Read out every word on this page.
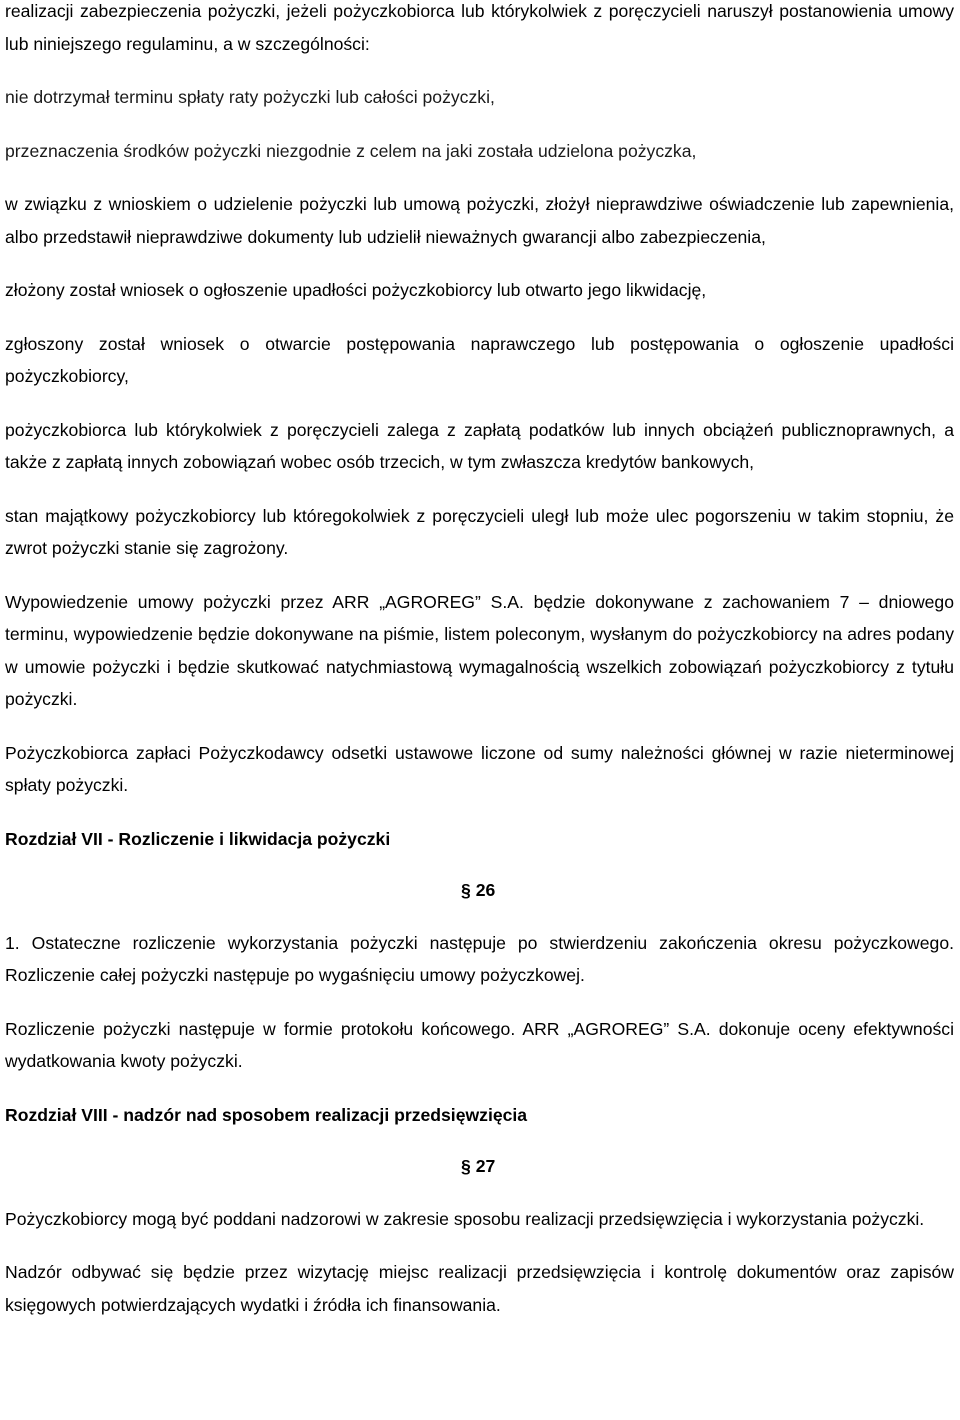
realizacji zabezpieczenia pożyczki, jeżeli pożyczkobiorca lub którykolwiek z poręczycieli naruszył postanowienia umowy lub niniejszego regulaminu, a w szczególności:

nie dotrzymał terminu spłaty raty pożyczki lub całości pożyczki,

przeznaczenia środków pożyczki niezgodnie z celem na jaki została udzielona pożyczka,

w związku z wnioskiem o udzielenie pożyczki lub umową pożyczki, złożył nieprawdziwe oświadczenie lub zapewnienia, albo przedstawił nieprawdziwe dokumenty lub udzielił nieważnych gwarancji albo zabezpieczenia,

złożony został wniosek o ogłoszenie upadłości pożyczkobiorcy lub otwarto jego likwidację,

zgłoszony został wniosek o otwarcie postępowania naprawczego lub postępowania o ogłoszenie upadłości pożyczkobiorcy,

pożyczkobiorca lub którykolwiek z poręczycieli zalega z zapłatą podatków lub innych obciążeń publicznoprawnych, a także z zapłatą innych zobowiązań wobec osób trzecich, w tym zwłaszcza kredytów bankowych,

stan majątkowy pożyczkobiorcy lub któregokolwiek z poręczycieli uległ lub może ulec pogorszeniu w takim stopniu, że zwrot pożyczki stanie się zagrożony.

Wypowiedzenie umowy pożyczki przez ARR „AGROREG” S.A. będzie dokonywane z zachowaniem 7 – dniowego terminu, wypowiedzenie będzie dokonywane na piśmie, listem poleconym, wysłanym do pożyczkobiorcy na adres podany w umowie pożyczki i będzie skutkować natychmiastową wymagalnością wszelkich zobowiązań pożyczkobiorcy z tytułu pożyczki.

Pożyczkobiorca zapłaci Pożyczkodawcy odsetki ustawowe liczone od sumy należności głównej w razie nieterminowej spłaty pożyczki.

Rozdział VII - Rozliczenie i likwidacja pożyczki

§ 26

1. Ostateczne rozliczenie wykorzystania pożyczki następuje po stwierdzeniu zakończenia okresu pożyczkowego. Rozliczenie całej pożyczki następuje po wygaśnięciu umowy pożyczkowej.

Rozliczenie pożyczki następuje w formie protokołu końcowego. ARR „AGROREG” S.A. dokonuje oceny efektywności wydatkowania kwoty pożyczki.

Rozdział VIII - nadzór nad sposobem realizacji przedsięwzięcia

§ 27

Pożyczkobiorcy mogą być poddani nadzorowi w zakresie sposobu realizacji przedsięwzięcia i wykorzystania pożyczki.

Nadzór odbywać się będzie przez wizytację miejsc realizacji przedsięwzięcia i kontrolę dokumentów oraz zapisów księgowych potwierdzających wydatki i źródła ich finansowania.
